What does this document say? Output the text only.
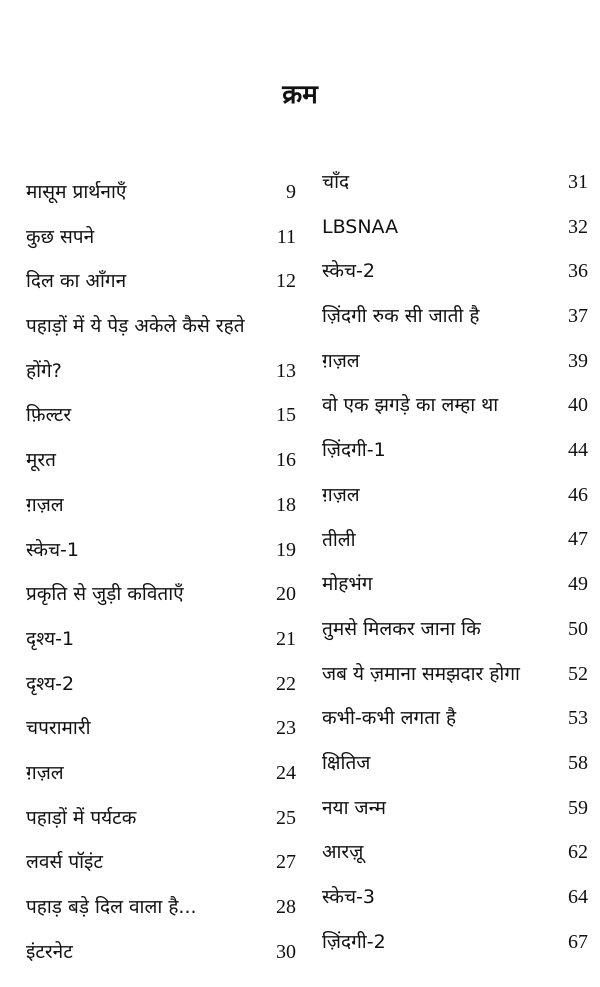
क्रम
मासूम प्रार्थनाएँ	9
कुछ सपने	11
दिल का आँगन	12
पहाड़ों में ये पेड़ अकेले कैसे रहते होंगे?	13
फ़िल्टर	15
मूरत	16
ग़ज़ल	18
स्केच-1	19
प्रकृति से जुड़ी कविताएँ	20
दृश्य-1	21
दृश्य-2	22
चपरामारी	23
ग़ज़ल	24
पहाड़ों में पर्यटक	25
लवर्स पॉइंट	27
पहाड़ बड़े दिल वाला है...	28
इंटरनेट	30
चाँद	31
LBSNAA	32
स्केच-2	36
ज़िंदगी रुक सी जाती है	37
ग़ज़ल	39
वो एक झगड़े का लम्हा था	40
ज़िंदगी-1	44
ग़ज़ल	46
तीली	47
मोहभंग	49
तुमसे मिलकर जाना कि	50
जब ये ज़माना समझदार होगा	52
कभी-कभी लगता है	53
क्षितिज	58
नया जन्म	59
आरज़ू	62
स्केच-3	64
ज़िंदगी-2	67
